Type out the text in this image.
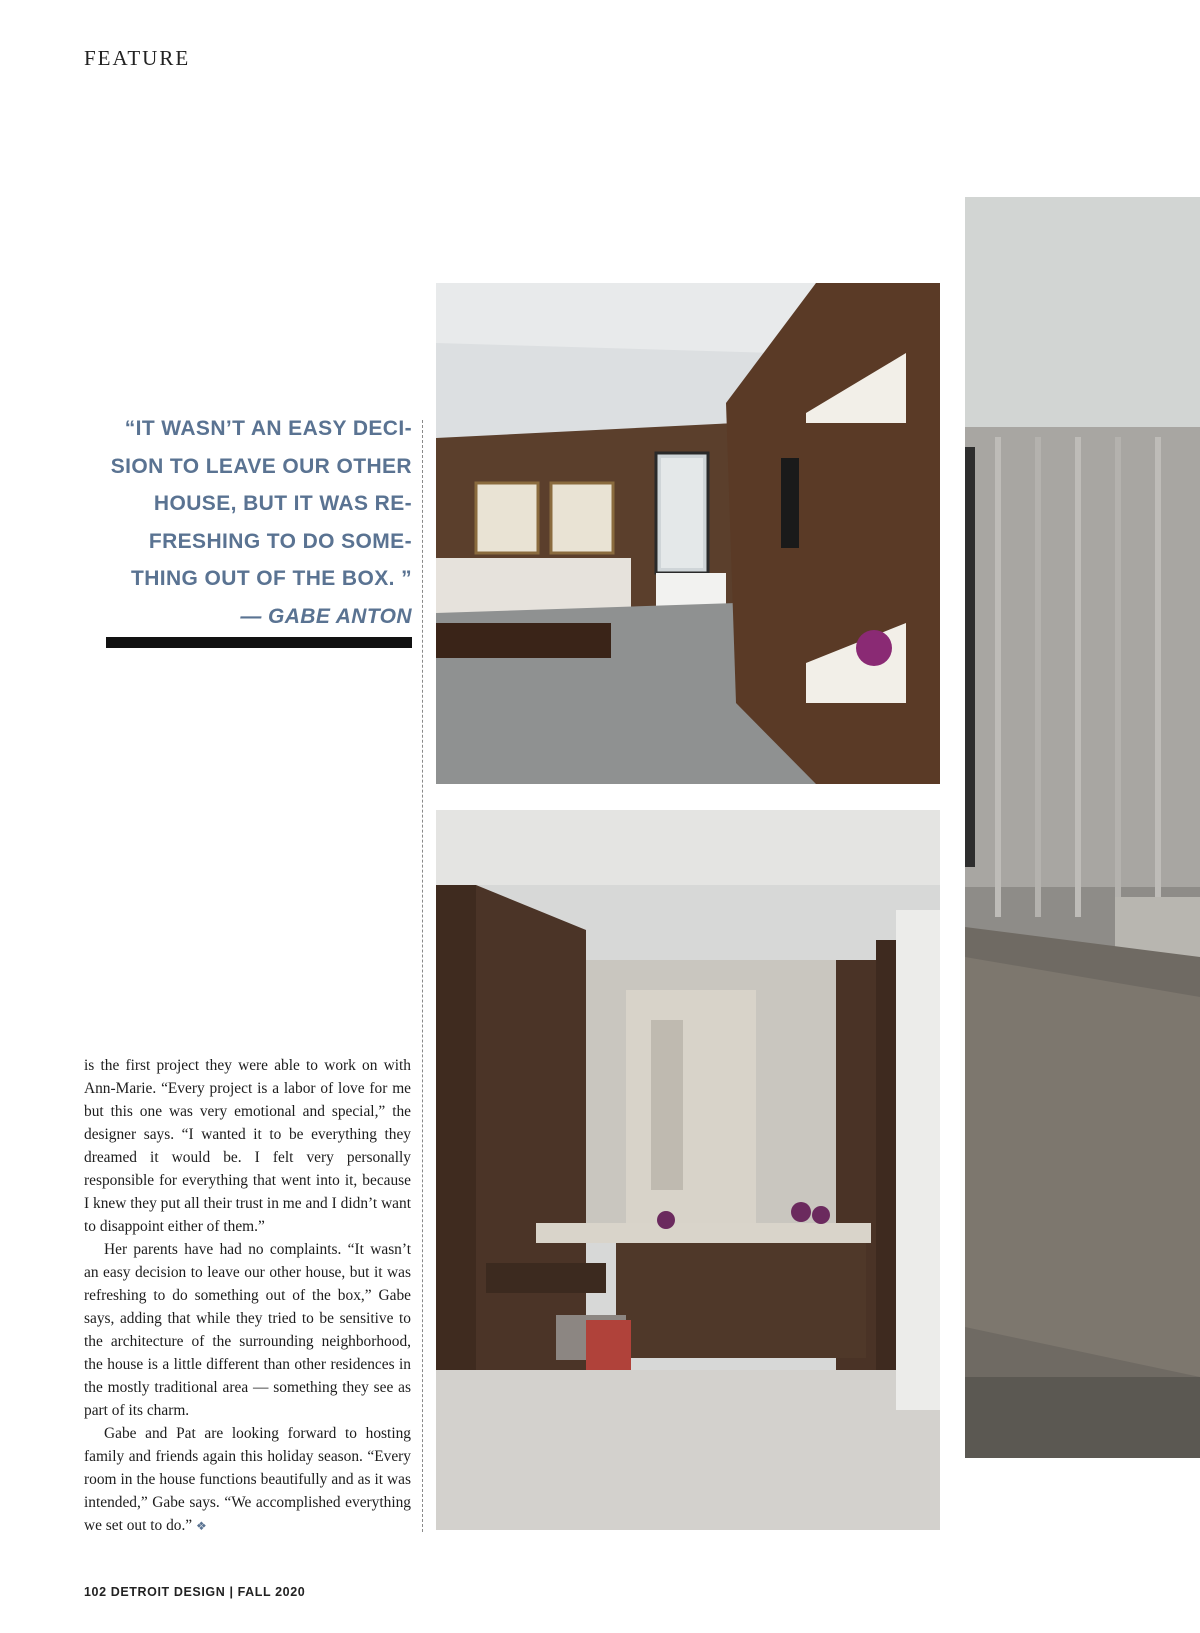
FEATURE
“IT WASN’T AN EASY DECI-
SION TO LEAVE OUR OTHER
HOUSE, BUT IT WAS RE-
FRESHING TO DO SOME-
THING OUT OF THE BOX. ”
— GABE ANTON

is the first project they were able to work on with Ann-Marie. “Every project is a labor of love for me but this one was very emotional and special,” the designer says. “I wanted it to be everything they dreamed it would be. I felt very personally responsible for everything that went into it, because I knew they put all their trust in me and I didn’t want to disappoint either of them.”

Her parents have had no complaints. “It wasn’t an easy decision to leave our other house, but it was refreshing to do something out of the box,” Gabe says, adding that while they tried to be sensitive to the architecture of the surrounding neighborhood, the house is a little different than other residences in the mostly traditional area — something they see as part of its charm.

Gabe and Pat are looking forward to hosting family and friends again this holiday season. “Every room in the house functions beautifully and as it was intended,” Gabe says. “We accomplished everything we set out to do.” ❖

102 DETROIT DESIGN | FALL 2020
